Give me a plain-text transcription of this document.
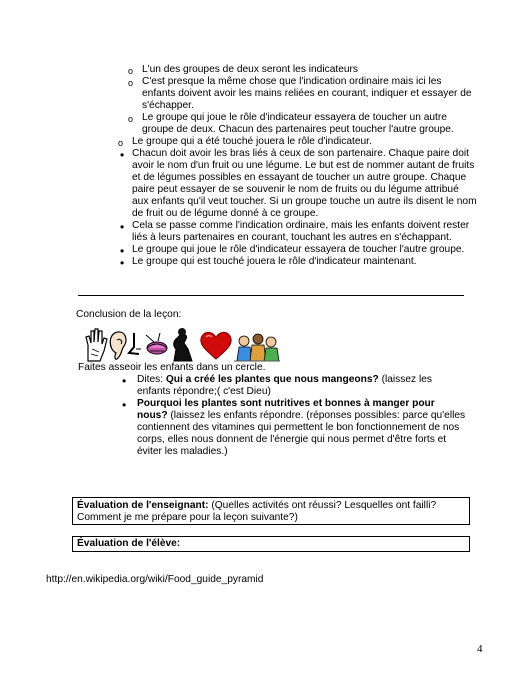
o L'un des groupes de deux seront les indicateurs
o C'est presque la même chose que l'indication ordinaire mais ici les enfants doivent avoir les mains reliées en courant, indiquer et essayer de s'échapper.
o Le groupe qui joue le rôle d'indicateur essayera de toucher un autre groupe de deux. Chacun des partenaires peut toucher l'autre groupe.
o Le groupe qui a été touché jouera le rôle d'indicateur.
• Chacun doit avoir les bras liés à ceux de son partenaire. Chaque paire doit avoir le nom d'un fruit ou une légume. Le but est de nommer autant de fruits et de légumes possibles en essayant de toucher un autre groupe. Chaque paire peut essayer de se souvenir le nom de fruits ou du légume attribué aux enfants qu'il veut toucher. Si un groupe touche un autre ils disent le nom de fruit ou de légume donné à ce groupe.
• Cela se passe comme l'indication ordinaire, mais les enfants doivent rester liés à leurs partenaires en courant, touchant les autres en s'échappant.
• Le groupe qui joue le rôle d'indicateur essayera de toucher l'autre groupe.
• Le groupe qui est touché jouera le rôle d'indicateur maintenant.
Conclusion de la leçon:
Faites asseoir les enfants dans un cercle.
• Dites: Qui a créé les plantes que nous mangeons? (laissez les enfants répondre;( c'est Dieu)
• Pourquoi les plantes sont nutritives et bonnes à manger pour nous? (laissez les enfants répondre. (réponses possibles: parce qu'elles contiennent des vitamines qui permettent le bon fonctionnement de nos corps, elles nous donnent de l'énergie qui nous permet d'être forts et éviter les maladies.)
Évaluation de l'enseignant: (Quelles activités ont réussi? Lesquelles ont failli? Comment je me prépare pour la leçon suivante?)
Évaluation de l'élève:
http://en.wikipedia.org/wiki/Food_guide_pyramid
4
